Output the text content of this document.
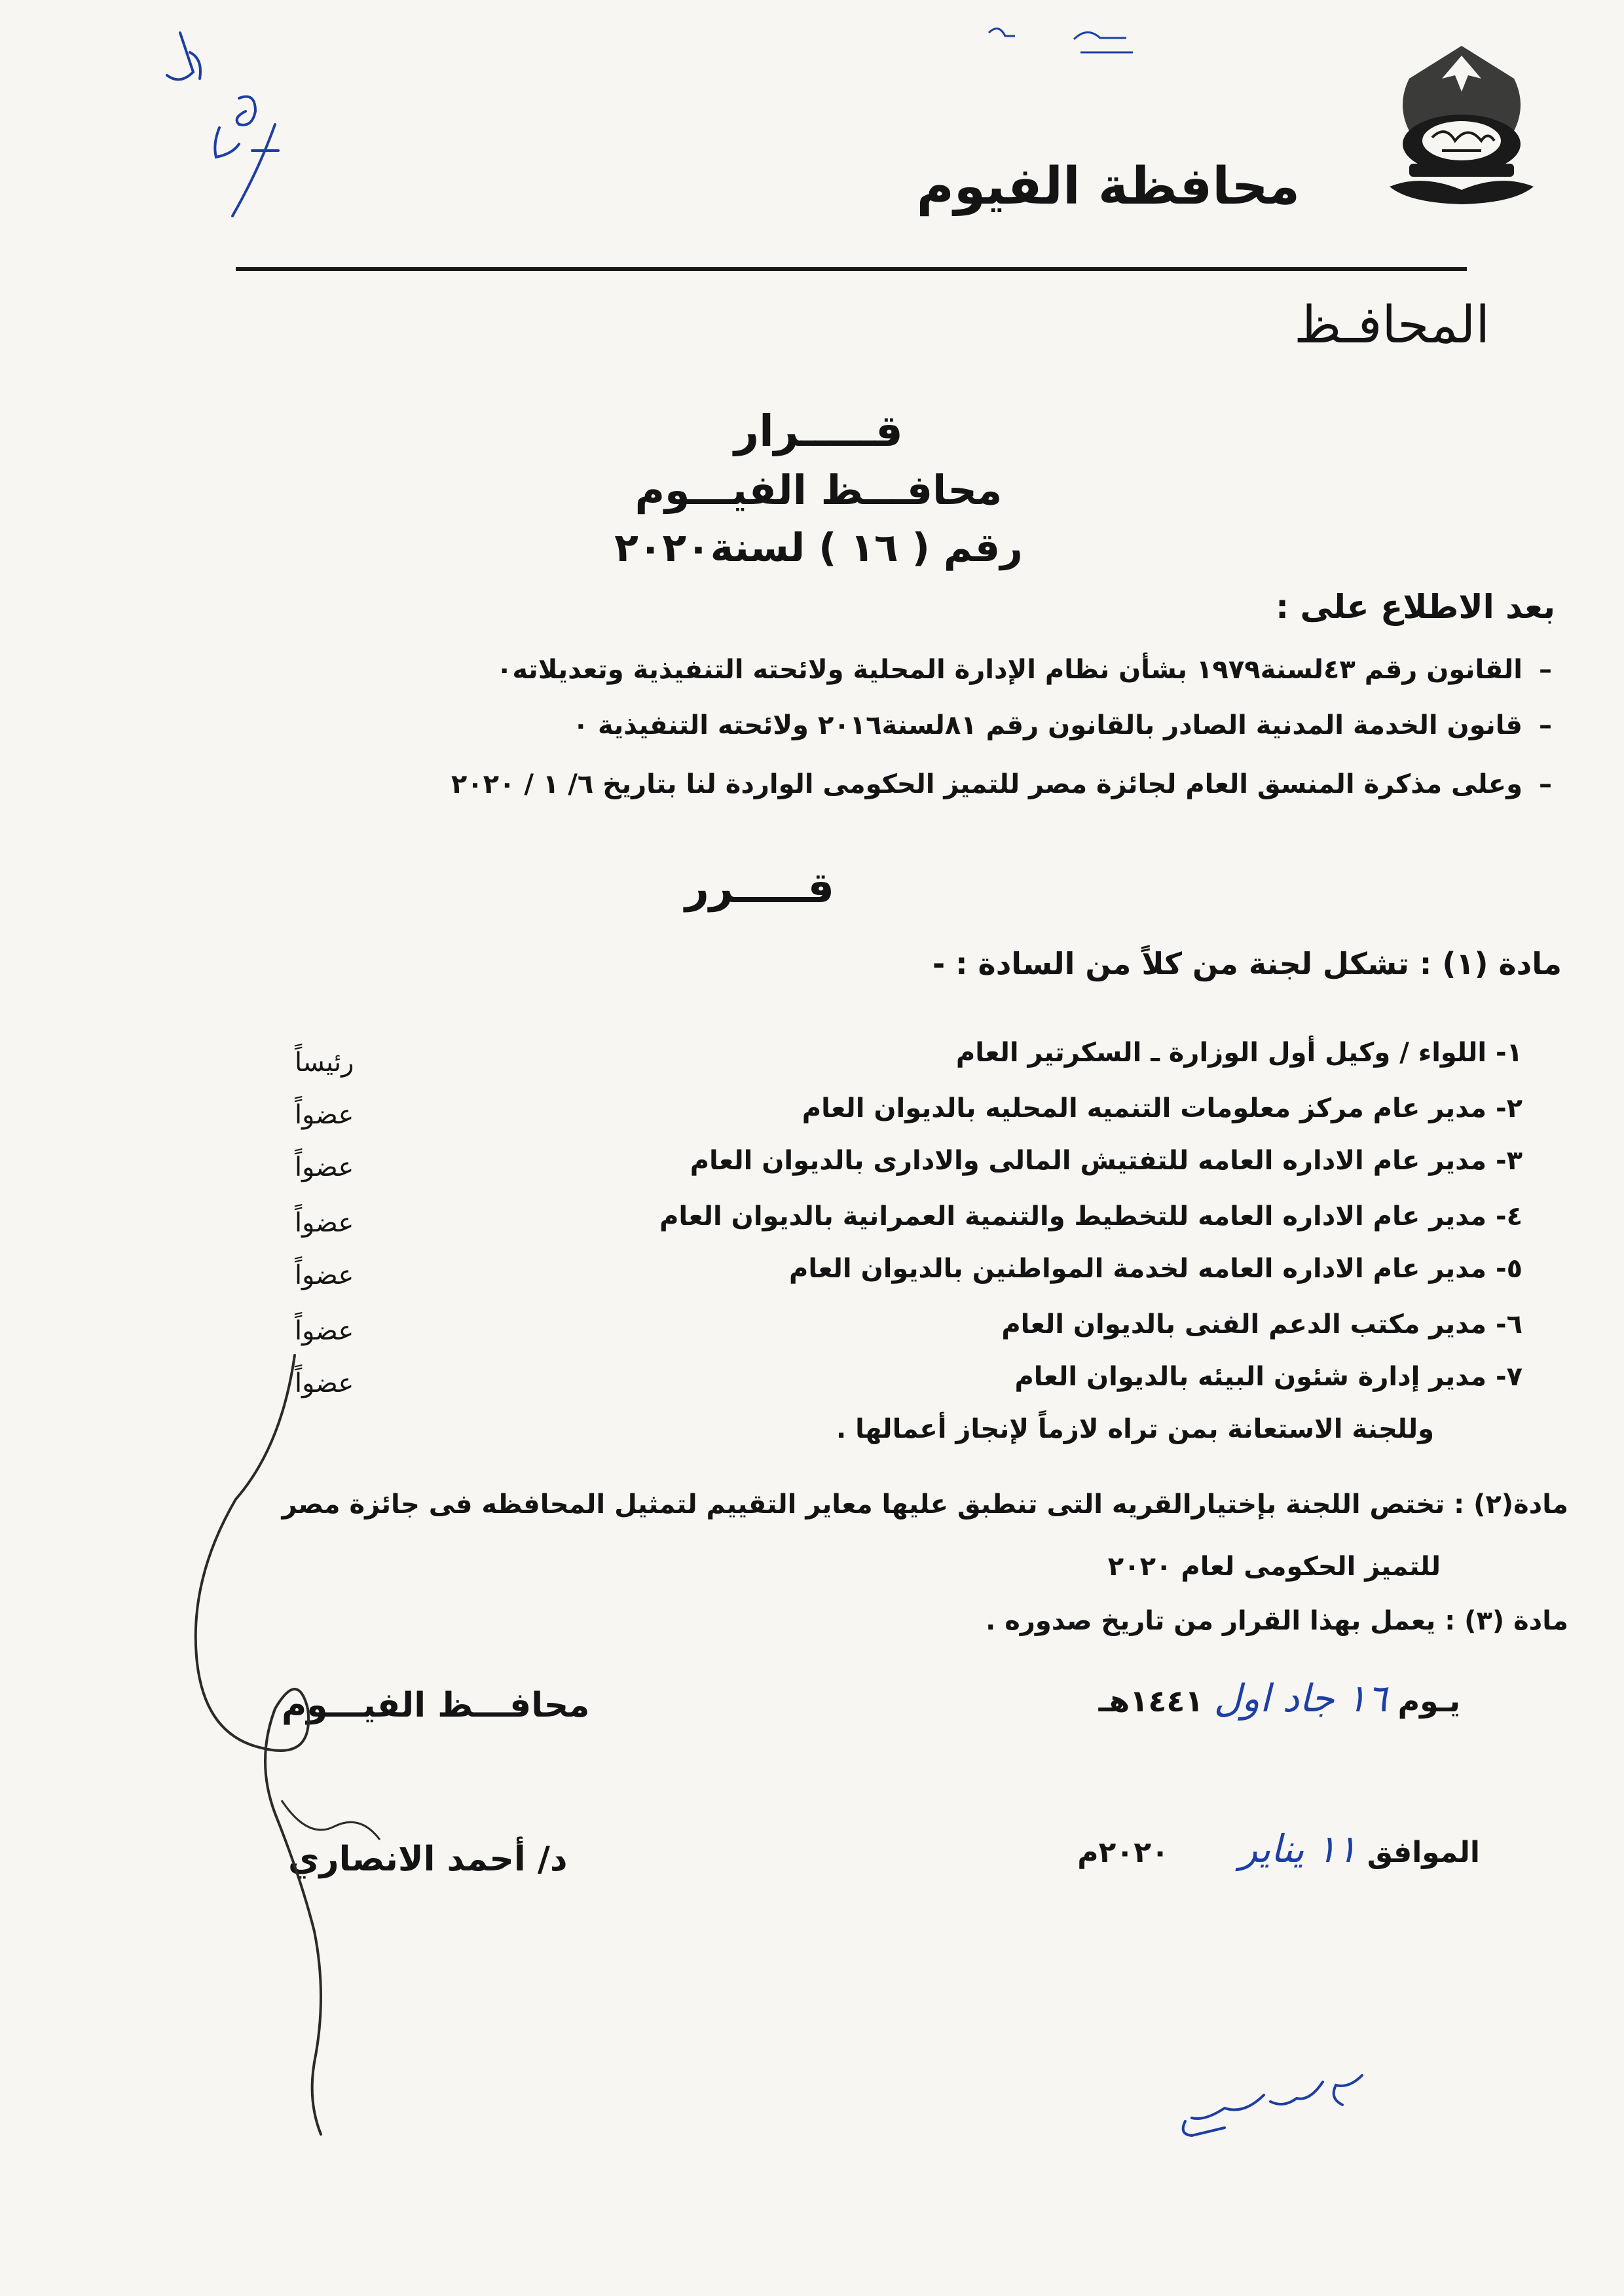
محافظة الفيوم
المحافـظ
قـــــرار
محافـــظ الفيـــوم
رقم ( ١٦ ) لسنة٢٠٢٠
بعد الاطلاع على :
–
القانون رقم ٤٣لسنة١٩٧٩ بشأن نظام الإدارة المحلية ولائحته التنفيذية وتعديلاته٠
–
قانون الخدمة المدنية الصادر بالقانون رقم ٨١لسنة٢٠١٦ ولائحته التنفيذية ٠
–
وعلى مذكرة المنسق العام لجائزة مصر للتميز الحكومى الواردة لنا بتاريخ ٦/ ١ / ٢٠٢٠
قـــــرر
مادة (١) : تشكل لجنة من كلاً من السادة : -
١- اللواء / وكيل أول الوزارة ـ السكرتير العام
رئيساً
٢- مدير عام مركز معلومات التنميه المحليه بالديوان العام
عضواً
٣- مدير عام الاداره العامه للتفتيش المالى والادارى بالديوان العام
عضواً
٤- مدير عام الاداره العامه للتخطيط والتنمية العمرانية بالديوان العام
عضواً
٥- مدير عام الاداره العامه لخدمة المواطنين بالديوان العام
عضواً
٦- مدير مكتب الدعم الفنى بالديوان العام
عضواً
٧- مدير إدارة شئون البيئه بالديوان العام
عضواً
وللجنة الاستعانة بمن تراه لازماً لإنجاز أعمالها .
مادة(٢) : تختص اللجنة بإختيارالقريه التى تنطبق عليها معاير التقييم لتمثيل المحافظه فى جائزة مصر
للتميز الحكومى لعام ٢٠٢٠
مادة (٣) : يعمل بهذا القرار من تاريخ صدوره .
يـوم ١٦ جاد اول ١٤٤١هـ
الموافق ١١ يناير       ٢٠٢٠م
محافـــظ الفيـــوم
د/ أحمد الانصاري
